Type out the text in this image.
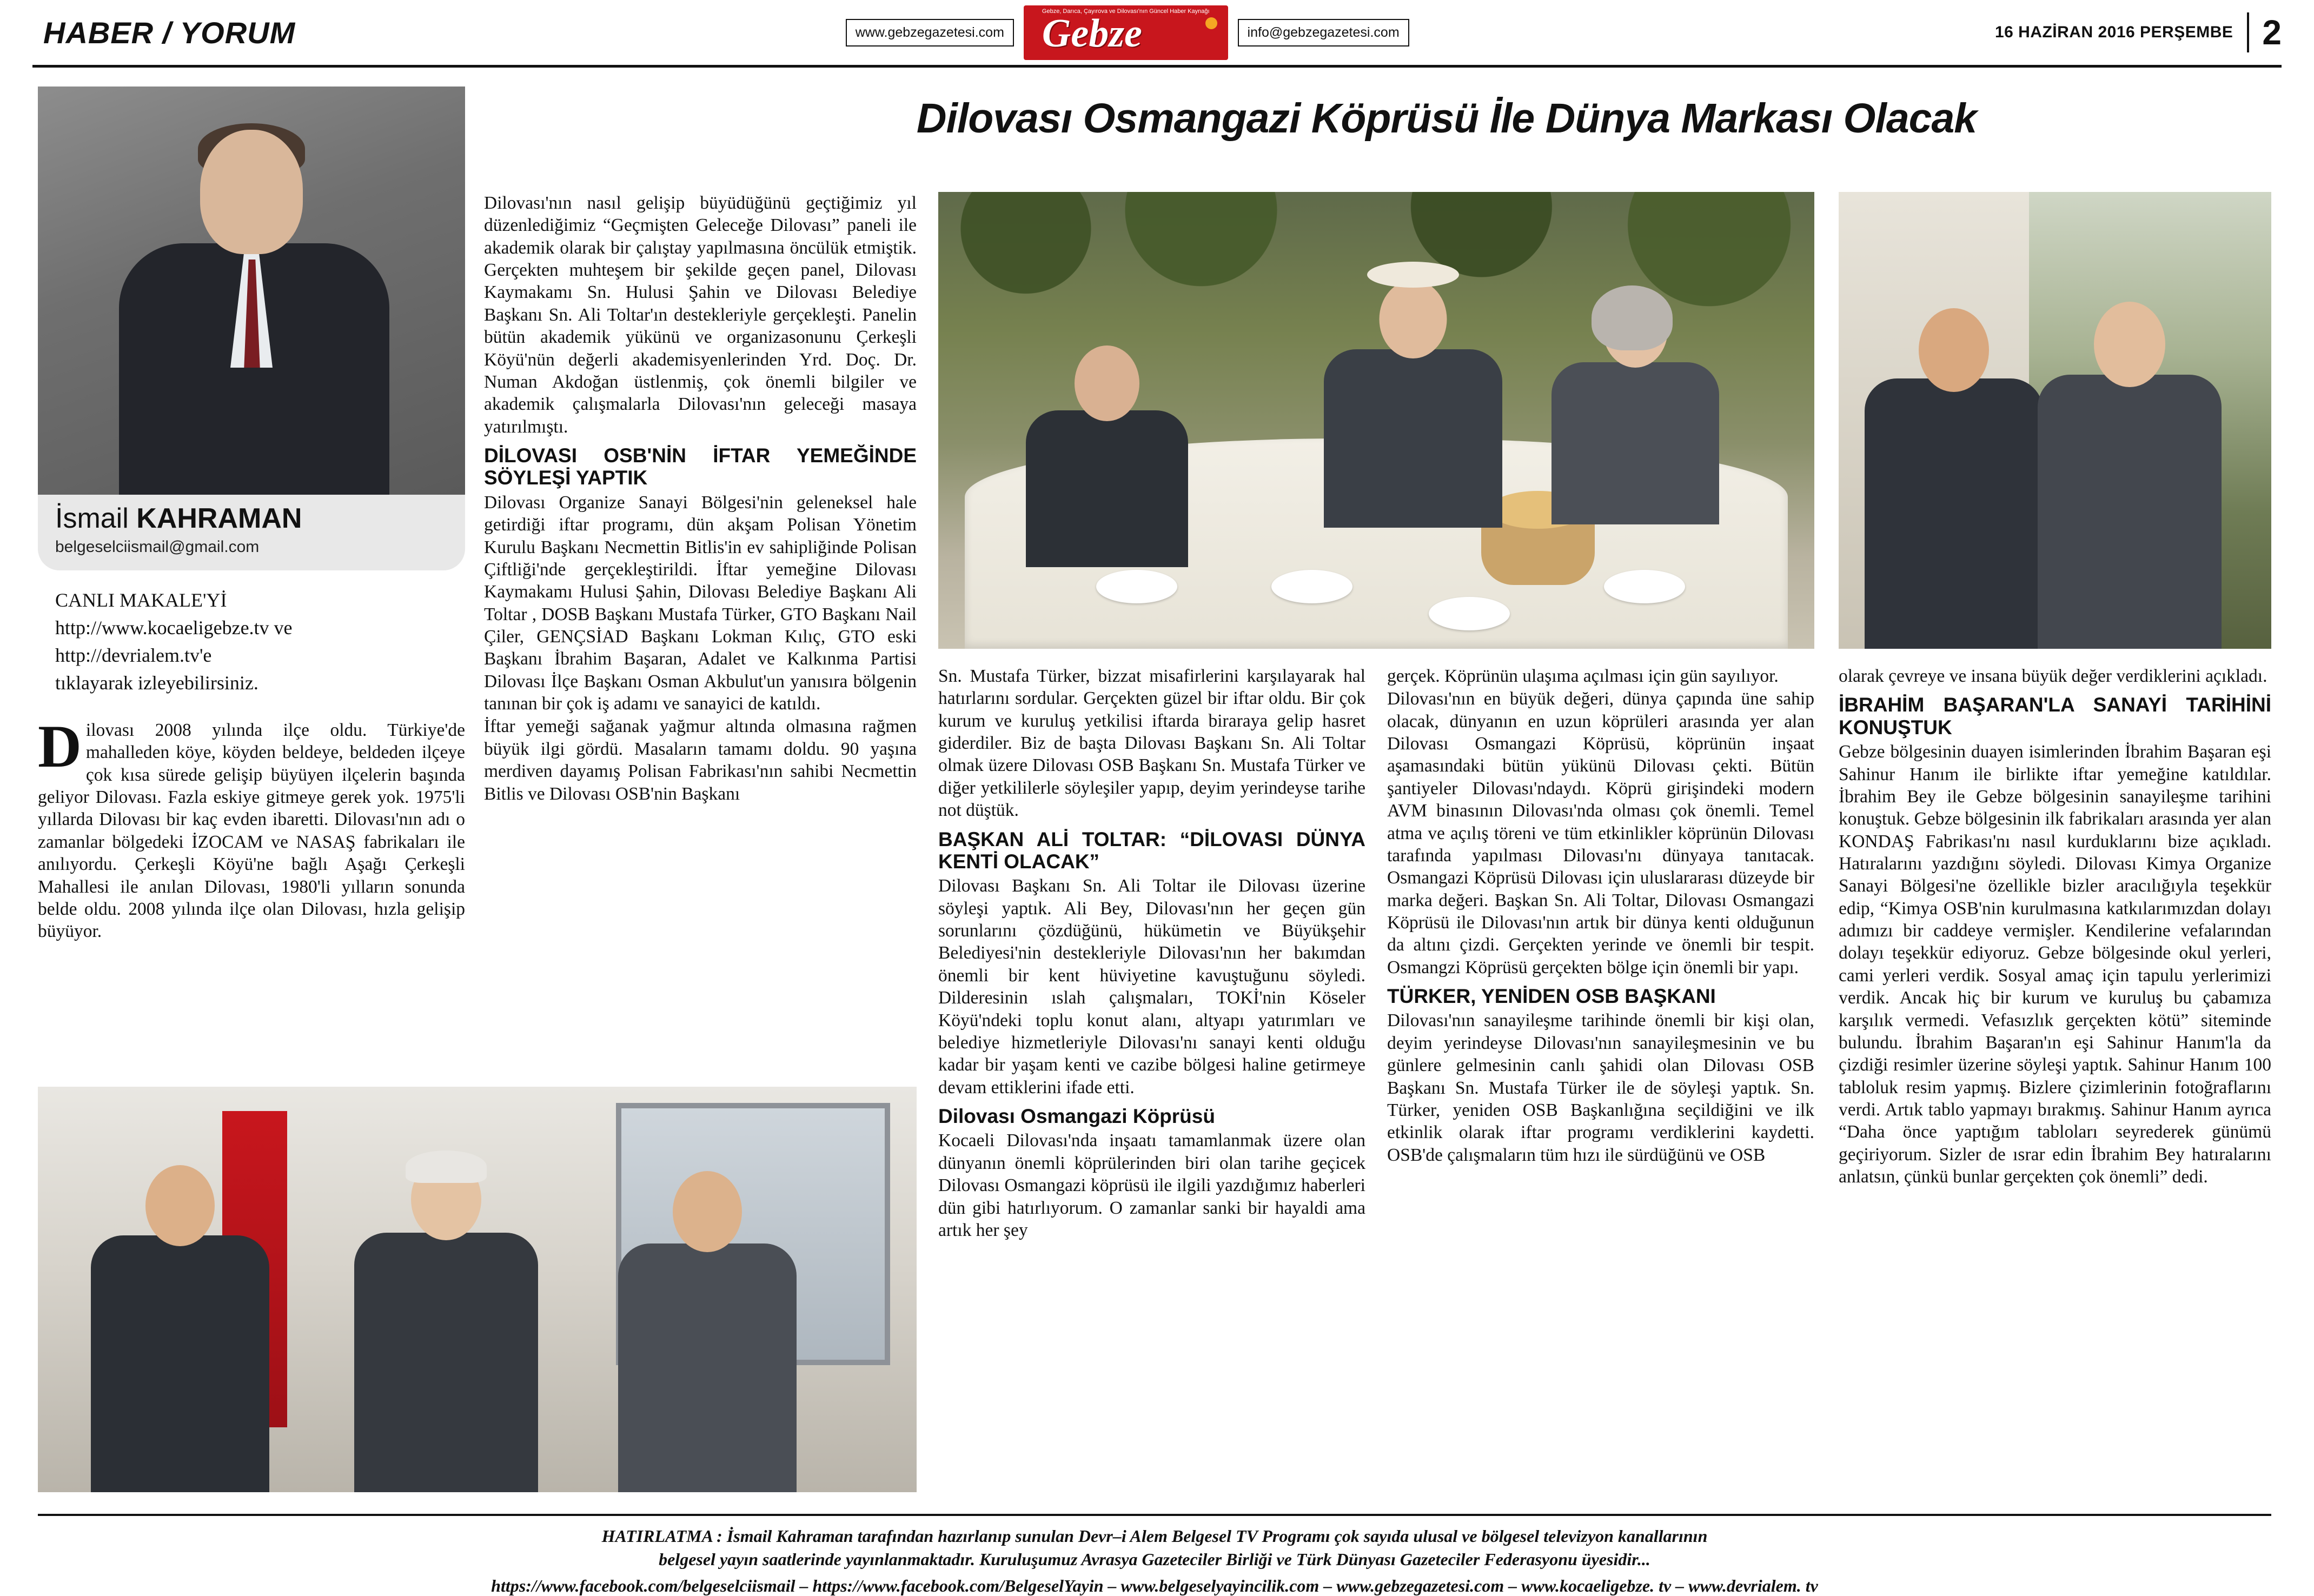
HABER / YORUM	www.gebzegazetesi.com
Gebze, Darıca, Çayırova ve Dilovası'nın Güncel Haber Kaynağı
Gebze	info@gebzegazetesi.com	16 HAZİRAN 2016 PERŞEMBE 2
Dilovası Osmangazi Köprüsü İle Dünya Markası Olacak
İsmail KAHRAMAN
belgeselciismail@gmail.com
CANLI MAKALE'Yİ
http://www.kocaeligebze.tv ve
http://devrialem.tv'e
tıklayarak izleyebilirsiniz.

Dilovası 2008 yılında ilçe oldu. Türkiye'de mahalleden köye, köyden beldeye, beldeden ilçeye çok kısa sürede gelişip büyüyen ilçelerin başında geliyor Dilovası. Fazla eskiye gitmeye gerek yok. 1975'li yıllarda Dilovası bir kaç evden ibaretti. Dilovası'nın adı o zamanlar bölgedeki İZOCAM ve NASAŞ fabrikaları ile anılıyordu. Çerkeşli Köyü'ne bağlı Aşağı Çerkeşli Mahallesi ile anılan Dilovası, 1980'li yılların sonunda belde oldu. 2008 yılında ilçe olan Dilovası, hızla gelişip büyüyor.

Dilovası'nın nasıl gelişip büyüdüğünü geçtiğimiz yıl düzenlediğimiz “Geçmişten Geleceğe Dilovası” paneli ile akademik olarak bir çalıştay yapılmasına öncülük etmiştik. Gerçekten muhteşem bir şekilde geçen panel, Dilovası Kaymakamı Sn. Hulusi Şahin ve Dilovası Belediye Başkanı Sn. Ali Toltar'ın destekleriyle gerçekleşti. Panelin bütün akademik yükünü ve organizasonunu Çerkeşli Köyü'nün değerli akademisyenlerinden Yrd. Doç. Dr. Numan Akdoğan üstlenmiş, çok önemli bilgiler ve akademik çalışmalarla Dilovası'nın geleceği masaya yatırılmıştı.

DİLOVASI OSB'NİN İFTAR YEMEĞİNDE SÖYLEŞİ YAPTIK

Dilovası Organize Sanayi Bölgesi'nin geleneksel hale getirdiği iftar programı, dün akşam Polisan Yönetim Kurulu Başkanı Necmettin Bitlis'in ev sahipliğinde Polisan Çiftliği'nde gerçekleştirildi. İftar yemeğine Dilovası Kaymakamı Hulusi Şahin, Dilovası Belediye Başkanı Ali Toltar , DOSB Başkanı Mustafa Türker, GTO Başkanı Nail Çiler, GENÇSİAD Başkanı Lokman Kılıç, GTO eski Başkanı İbrahim Başaran, Adalet ve Kalkınma Partisi Dilovası İlçe Başkanı Osman Akbulut'un yanısıra bölgenin tanınan bir çok iş adamı ve sanayici de katıldı.

İftar yemeği sağanak yağmur altında olmasına rağmen büyük ilgi gördü. Masaların tamamı doldu. 90 yaşına merdiven dayamış Polisan Fabrikası'nın sahibi Necmettin Bitlis ve Dilovası OSB'nin Başkanı

Sn. Mustafa Türker, bizzat misafirlerini karşılayarak hal hatırlarını sordular. Gerçekten güzel bir iftar oldu. Bir çok kurum ve kuruluş yetkilisi iftarda biraraya gelip hasret giderdiler. Biz de başta Dilovası Başkanı Sn. Ali Toltar olmak üzere Dilovası OSB Başkanı Sn. Mustafa Türker ve diğer yetkililerle söyleşiler yapıp, deyim yerindeyse tarihe not düştük.

BAŞKAN ALİ TOLTAR: “DİLOVASI DÜNYA KENTİ OLACAK”

Dilovası Başkanı Sn. Ali Toltar ile Dilovası üzerine söyleşi yaptık. Ali Bey, Dilovası'nın her geçen gün sorunlarını çözdüğünü, hükümetin ve Büyükşehir Belediyesi'nin destekleriyle Dilovası'nın her bakımdan önemli bir kent hüviyetine kavuştuğunu söyledi. Dilderesinin ıslah çalışmaları, TOKİ'nin Köseler Köyü'ndeki toplu konut alanı, altyapı yatırımları ve belediye hizmetleriyle Dilovası'nı sanayi kenti olduğu kadar bir yaşam kenti ve cazibe bölgesi haline getirmeye devam ettiklerini ifade etti.

Dilovası Osmangazi Köprüsü

Kocaeli Dilovası'nda inşaatı tamamlanmak üzere olan dünyanın önemli köprülerinden biri olan tarihe geçicek Dilovası Osmangazi köprüsü ile ilgili yazdığımız haberleri dün gibi hatırlıyorum. O zamanlar sanki bir hayaldi ama artık her şey

gerçek. Köprünün ulaşıma açılması için gün sayılıyor.

Dilovası'nın en büyük değeri, dünya çapında üne sahip olacak, dünyanın en uzun köprüleri arasında yer alan Dilovası Osmangazi Köprüsü, köprünün inşaat aşamasındaki bütün yükünü Dilovası çekti. Bütün şantiyeler Dilovası'ndaydı. Köprü girişindeki modern AVM binasının Dilovası'nda olması çok önemli. Temel atma ve açılış töreni ve tüm etkinlikler köprünün Dilovası tarafında yapılması Dilovası'nı dünyaya tanıtacak. Osmangazi Köprüsü Dilovası için uluslararası düzeyde bir marka değeri. Başkan Sn. Ali Toltar, Dilovası Osmangazi Köprüsü ile Dilovası'nın artık bir dünya kenti olduğunun da altını çizdi. Gerçekten yerinde ve önemli bir tespit. Osmangzi Köprüsü gerçekten bölge için önemli bir yapı.

TÜRKER, YENİDEN OSB BAŞKANI

Dilovası'nın sanayileşme tarihinde önemli bir kişi olan, deyim yerindeyse Dilovası'nın sanayileşmesinin ve bu günlere gelmesinin canlı şahidi olan Dilovası OSB Başkanı Sn. Mustafa Türker ile de söyleşi yaptık. Sn. Türker, yeniden OSB Başkanlığına seçildiğini ve ilk etkinlik olarak iftar programı verdiklerini kaydetti. OSB'de çalışmaların tüm hızı ile sürdüğünü ve OSB

olarak çevreye ve insana büyük değer verdiklerini açıkladı.

İBRAHİM BAŞARAN'LA SANAYİ TARİHİNİ KONUŞTUK

Gebze bölgesinin duayen isimlerinden İbrahim Başaran eşi Sahinur Hanım ile birlikte iftar yemeğine katıldılar. İbrahim Bey ile Gebze bölgesinin sanayileşme tarihini konuştuk. Gebze bölgesinin ilk fabrikaları arasında yer alan KONDAŞ Fabrikası'nı nasıl kurduklarını bize açıkladı. Hatıralarını yazdığını söyledi. Dilovası Kimya Organize Sanayi Bölgesi'ne özellikle bizler aracılığıyla teşekkür edip, “Kimya OSB'nin kurulmasına katkılarımızdan dolayı adımızı bir caddeye vermişler. Kendilerine vefalarından dolayı teşekkür ediyoruz. Gebze bölgesinde okul yerleri, cami yerleri verdik. Sosyal amaç için tapulu yerlerimizi verdik. Ancak hiç bir kurum ve kuruluş bu çabamıza karşılık vermedi. Vefasızlık gerçekten kötü” siteminde bulundu. İbrahim Başaran'ın eşi Sahinur Hanım'la da çizdiği resimler üzerine söyleşi yaptık. Sahinur Hanım 100 tabloluk resim yapmış. Bizlere çizimlerinin fotoğraflarını verdi. Artık tablo yapmayı bırakmış. Sahinur Hanım ayrıca “Daha önce yaptığım tabloları seyrederek günümü geçiriyorum. Sizler de ısrar edin İbrahim Bey hatıralarını anlatsın, çünkü bunlar gerçekten çok önemli” dedi.

HATIRLATMA : İsmail Kahraman tarafından hazırlanıp sunulan Devr–i Alem Belgesel TV Programı çok sayıda ulusal ve bölgesel televizyon kanallarının
belgesel yayın saatlerinde yayınlanmaktadır. Kuruluşumuz Avrasya Gazeteciler Birliği ve Türk Dünyası Gazeteciler Federasyonu üyesidir...
https://www.facebook.com/belgeselciismail – https://www.facebook.com/BelgeselYayin – www.belgeselyayincilik.com – www.gebzegazetesi.com – www.kocaeligebze. tv – www.devrialem. tv
